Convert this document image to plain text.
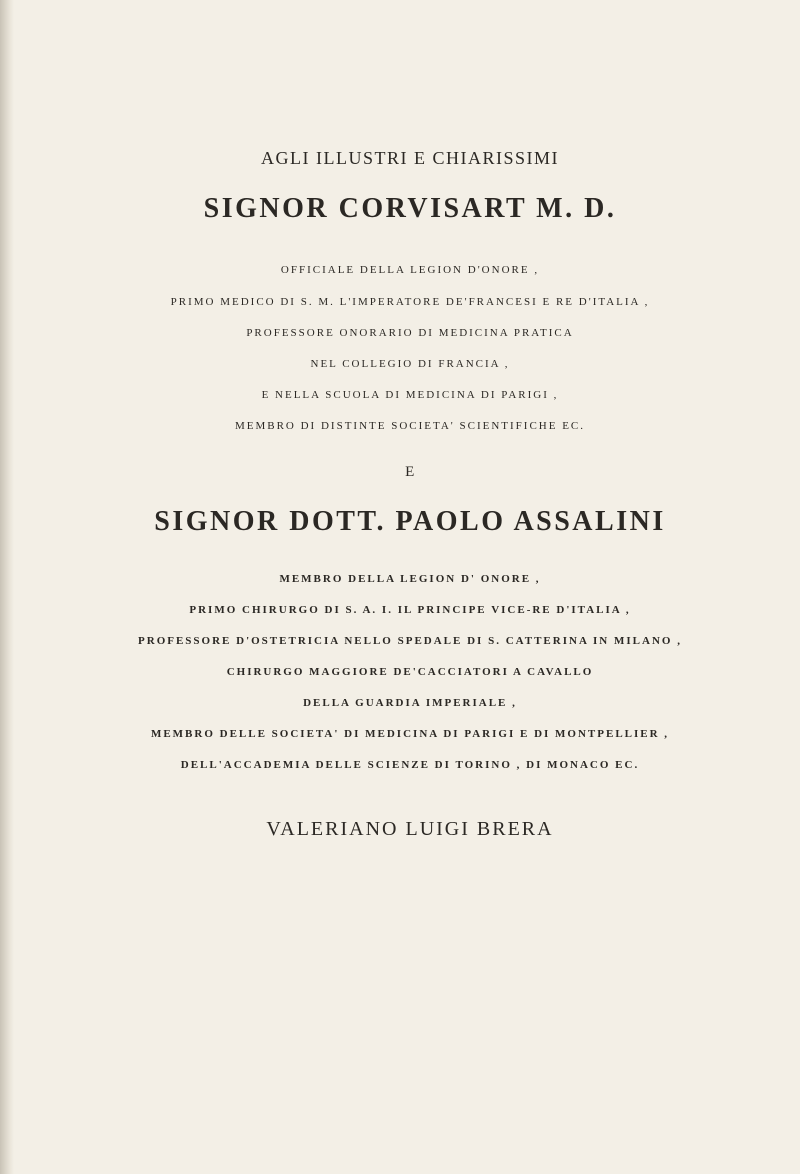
AGLI ILLUSTRI E CHIARISSIMI
SIGNOR CORVISART M. D.
OFFICIALE DELLA LEGION D'ONORE ,
PRIMO MEDICO DI S. M. L'IMPERATORE DE'FRANCESI E RE D'ITALIA ,
PROFESSORE ONORARIO DI MEDICINA PRATICA
NEL COLLEGIO DI FRANCIA ,
E NELLA SCUOLA DI MEDICINA DI PARIGI ,
MEMBRO DI DISTINTE SOCIETA' SCIENTIFICHE EC.
E
SIGNOR DOTT. PAOLO ASSALINI
MEMBRO DELLA LEGION D' ONORE ,
PRIMO CHIRURGO DI S. A. I. IL PRINCIPE VICE-RE D'ITALIA ,
PROFESSORE D'OSTETRICIA NELLO SPEDALE DI S. CATTERINA IN MILANO ,
CHIRURGO MAGGIORE DE'CACCIATORI A CAVALLO
DELLA GUARDIA IMPERIALE ,
MEMBRO DELLE SOCIETA' DI MEDICINA DI PARIGI E DI MONTPELLIER ,
DELL'ACCADEMIA DELLE SCIENZE DI TORINO , DI MONACO EC.
VALERIANO LUIGI BRERA
